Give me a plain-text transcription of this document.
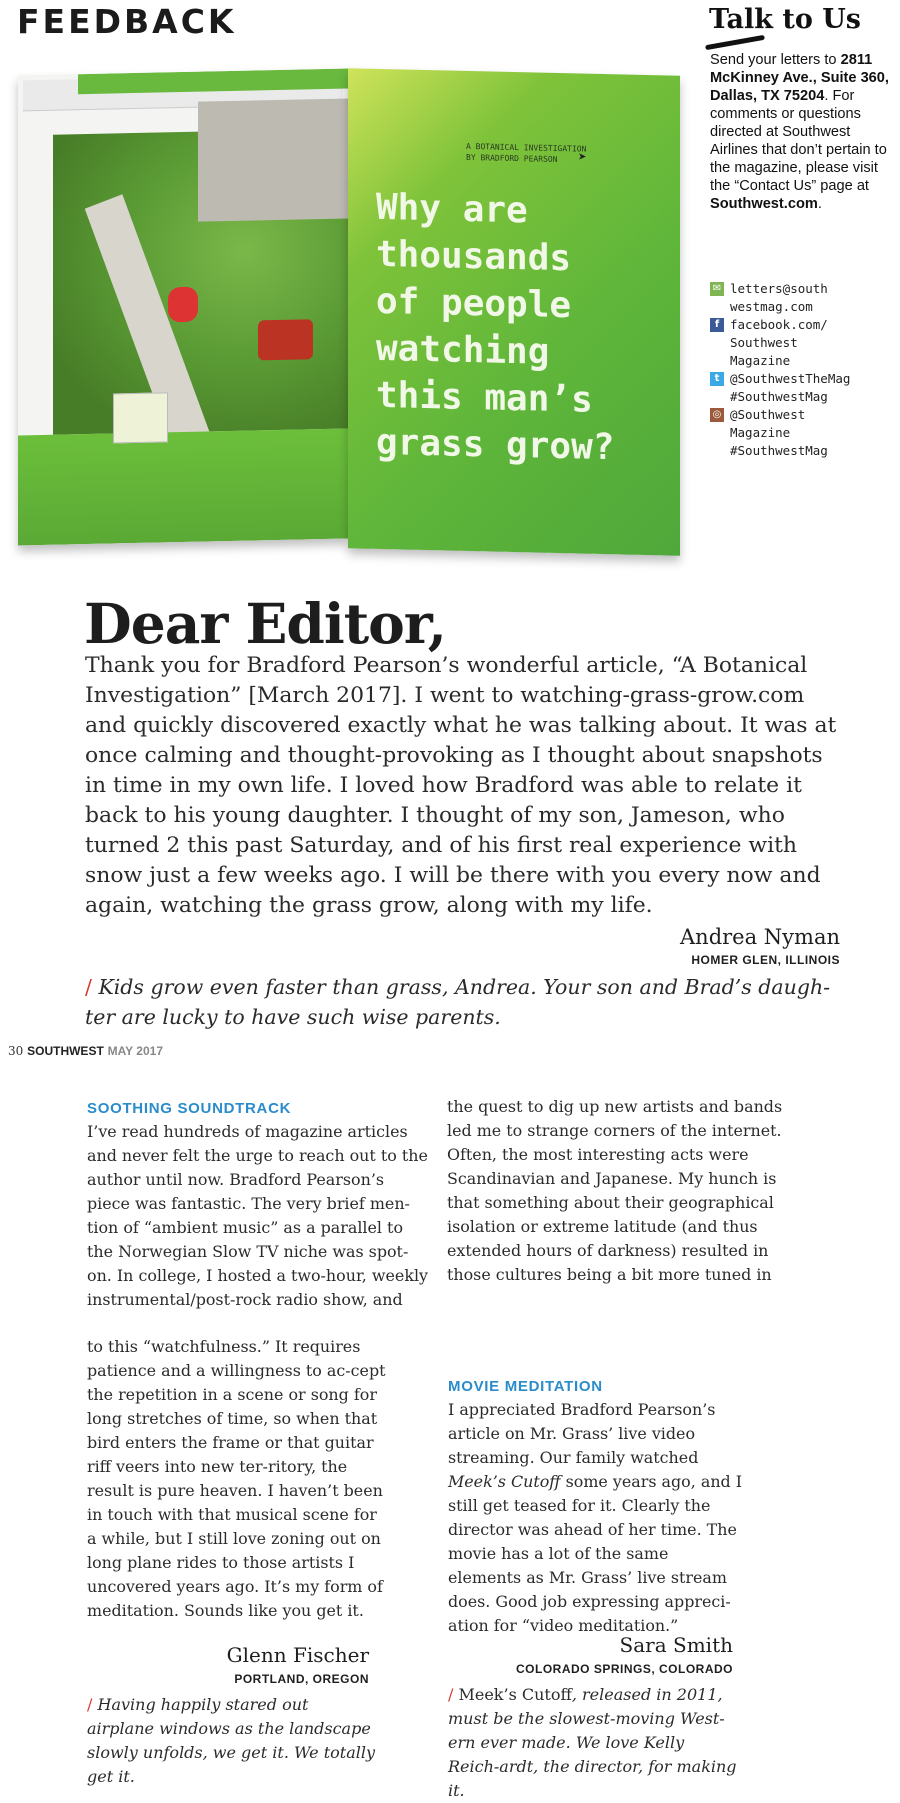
FEEDBACK
A BOTANICAL INVESTIGATION
BY BRADFORD PEARSON	➤
Why are
thousands
of people
watching
this man’s
grass grow?
Talk to Us
Send your letters to 2811 McKinney Ave., Suite 360, Dallas, TX 75204. For comments or questions directed at Southwest Airlines that don’t pertain to the magazine, please visit the “Contact Us” page at Southwest.com.
✉ letters@south
westmag.com
f facebook.com/
Southwest
Magazine
t @SouthwestTheMag
#SouthwestMag
◎ @Southwest
Magazine
#SouthwestMag
Dear Editor,
Thank you for Bradford Pearson’s wonderful article, “A Botanical Investigation” [March 2017]. I went to watching-grass-grow.com and quickly discovered exactly what he was talking about. It was at once calming and thought-provoking as I thought about snapshots in time in my own life. I loved how Bradford was able to relate it back to his young daughter. I thought of my son, Jameson, who turned 2 this past Saturday, and of his first real experience with snow just a few weeks ago. I will be there with you every now and again, watching the grass grow, along with my life.
Andrea Nyman
HOMER GLEN, ILLINOIS
/ Kids grow even faster than grass, Andrea. Your son and Brad’s daugh-ter are lucky to have such wise parents.
30 SOUTHWEST MAY 2017
SOOTHING SOUNDTRACK
I’ve read hundreds of magazine articles and never felt the urge to reach out to the author until now. Bradford Pearson’s piece was fantastic. The very brief men-tion of “ambient music” as a parallel to the Norwegian Slow TV niche was spot-on. In college, I hosted a two-hour, weekly instrumental/post-rock radio show, and
the quest to dig up new artists and bands led me to strange corners of the internet. Often, the most interesting acts were Scandinavian and Japanese. My hunch is that something about their geographical isolation or extreme latitude (and thus extended hours of darkness) resulted in those cultures being a bit more tuned in
to this “watchfulness.” It requires patience and a willingness to ac-cept the repetition in a scene or song for long stretches of time, so when that bird enters the frame or that guitar riff veers into new ter-ritory, the result is pure heaven. I haven’t been in touch with that musical scene for a while, but I still love zoning out on long plane rides to those artists I uncovered years ago. It’s my form of meditation. Sounds like you get it.
Glenn Fischer
PORTLAND, OREGON
/ Having happily stared out airplane windows as the landscape slowly unfolds, we get it. We totally get it.
MOVIE MEDITATION
I appreciated Bradford Pearson’s article on Mr. Grass’ live video streaming. Our family watched Meek’s Cutoff some years ago, and I still get teased for it. Clearly the director was ahead of her time. The movie has a lot of the same elements as Mr. Grass’ live stream does. Good job expressing appreci-ation for “video meditation.”
Sara Smith
COLORADO SPRINGS, COLORADO
/ Meek’s Cutoff, released in 2011, must be the slowest-moving West-ern ever made. We love Kelly Reich-ardt, the director, for making it.
